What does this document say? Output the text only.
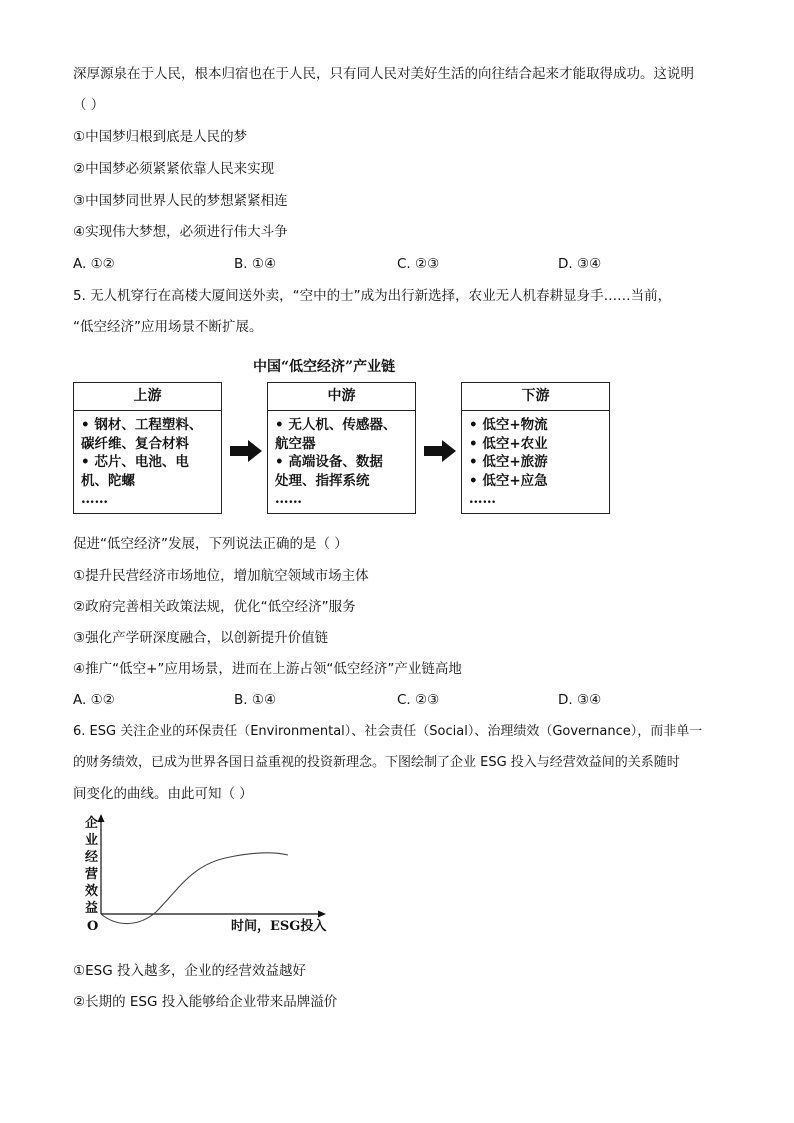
深厚源泉在于人民，根本归宿也在于人民，只有同人民对美好生活的向往结合起来才能取得成功。这说明
（ ）
①中国梦归根到底是人民的梦
②中国梦必须紧紧依靠人民来实现
③中国梦同世界人民的梦想紧紧相连
④实现伟大梦想，必须进行伟大斗争
A. ①②	B. ①④	C. ②③	D. ③④
5. 无人机穿行在高楼大厦间送外卖，“空中的士”成为出行新选择，农业无人机春耕显身手……当前，
“低空经济”应用场景不断扩展。
中国“低空经济”产业链
上游
• 钢材、工程塑料、
碳纤维、复合材料
• 芯片、电池、电
机、陀螺
……
中游
• 无人机、传感器、
航空器
• 高端设备、数据
处理、指挥系统
……
下游
• 低空+物流
• 低空+农业
• 低空+旅游
• 低空+应急
……
促进“低空经济”发展，下列说法正确的是（ ）
①提升民营经济市场地位，增加航空领域市场主体
②政府完善相关政策法规，优化“低空经济”服务
③强化产学研深度融合，以创新提升价值链
④推广“低空+”应用场景，进而在上游占领“低空经济”产业链高地
A. ①②	B. ①④	C. ②③	D. ③④
6. ESG 关注企业的环保责任（Environmental）、社会责任（Social）、治理绩效（Governance），而非单一
的财务绩效，已成为世界各国日益重视的投资新理念。下图绘制了企业 ESG 投入与经营效益间的关系随时
间变化的曲线。由此可知（ ）
企
业
经
营
效
益
O	时间，ESG投入
①ESG 投入越多，企业的经营效益越好
②长期的 ESG 投入能够给企业带来品牌溢价
